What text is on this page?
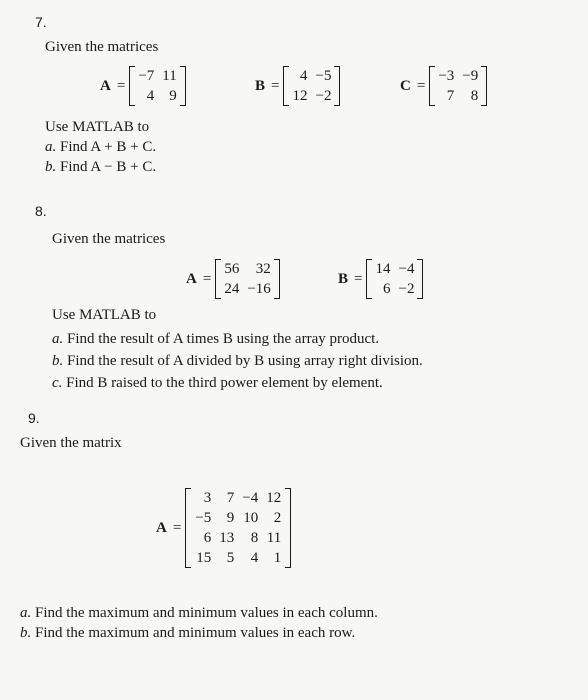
7.
Given the matrices
A =
−7	11
4	9
B =
4	−5
12	−2
C =
−3	−9
7	8
Use MATLAB to
a. Find A + B + C.
b. Find A − B + C.
8.
Given the matrices
A =
56	32
24	−16
B =
14	−4
6	−2
Use MATLAB to
a. Find the result of A times B using the array product.
b. Find the result of A divided by B using array right division.
c. Find B raised to the third power element by element.
9.
Given the matrix
A =
3	7	−4	12
−5	9	10	2
6	13	8	11
15	5	4	1
a. Find the maximum and minimum values in each column.
b. Find the maximum and minimum values in each row.
